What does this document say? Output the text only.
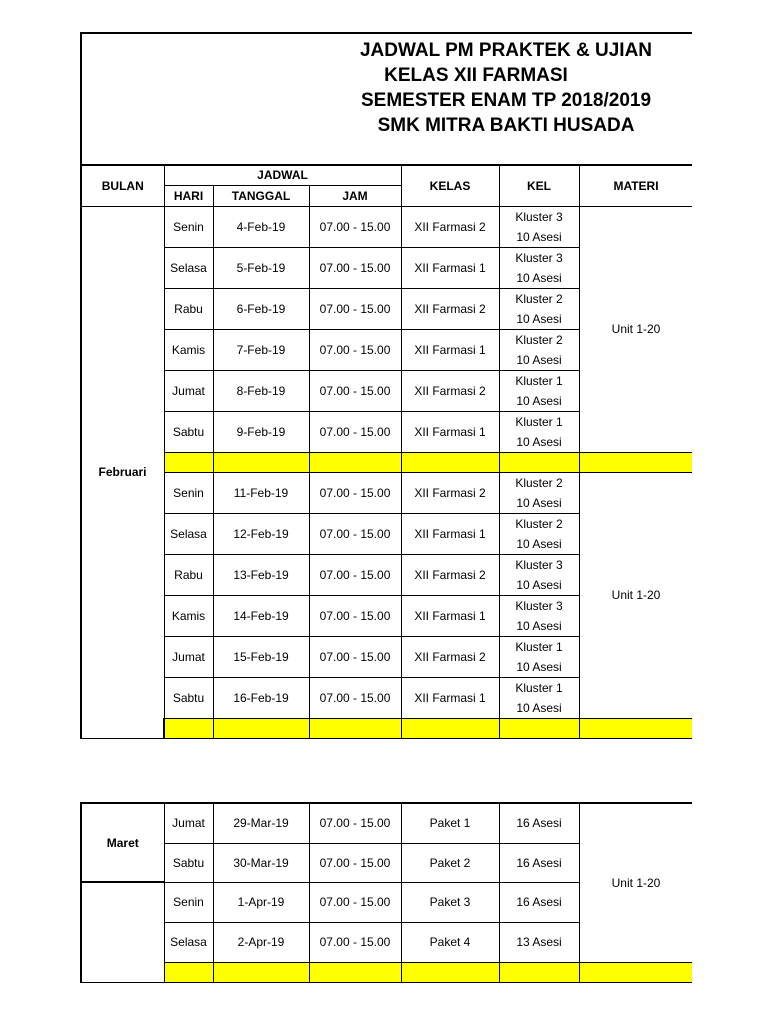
JADWAL PM PRAKTEK & UJIAN
KELAS XII FARMASI
SEMESTER ENAM TP 2018/2019
SMK MITRA BAKTI HUSADA
BULAN	JADWAL			KELAS	KEL	MATERI	
	HARI	TANGGAL	JAM				
Februari	Senin	4-Feb-19	07.00 - 15.00	XII Farmasi 2	Kluster 3
10 Asesi	Unit 1-20	
	Selasa	5-Feb-19	07.00 - 15.00	XII Farmasi 1	Kluster 3
10 Asesi		

	Rabu	6-Feb-19	07.00 - 15.00	XII Farmasi 2	Kluster 2
10 Asesi		

	Kamis	7-Feb-19	07.00 - 15.00	XII Farmasi 1	Kluster 2
10 Asesi		

	Jumat	8-Feb-19	07.00 - 15.00	XII Farmasi 2	Kluster 1
10 Asesi		

	Sabtu	9-Feb-19	07.00 - 15.00	XII Farmasi 1	Kluster 1
10 Asesi		

	Senin	11-Feb-19	07.00 - 15.00	XII Farmasi 2	Kluster 2
10 Asesi	Unit 1-20	
	Selasa	12-Feb-19	07.00 - 15.00	XII Farmasi 1	Kluster 2
10 Asesi		

	Rabu	13-Feb-19	07.00 - 15.00	XII Farmasi 2	Kluster 3
10 Asesi		

	Kamis	14-Feb-19	07.00 - 15.00	XII Farmasi 1	Kluster 3
10 Asesi		

	Jumat	15-Feb-19	07.00 - 15.00	XII Farmasi 2	Kluster 1
10 Asesi		

	Sabtu	16-Feb-19	07.00 - 15.00	XII Farmasi 1	Kluster 1
10 Asesi		

Maret	Jumat	29-Mar-19	07.00 - 15.00	Paket 1	16 Asesi	Unit 1-20
	Sabtu	30-Mar-19	07.00 - 15.00	Paket 2	16 Asesi	
	Senin	1-Apr-19	07.00 - 15.00	Paket 3	16 Asesi	
	Selasa	2-Apr-19	07.00 - 15.00	Paket 4	13 Asesi	
